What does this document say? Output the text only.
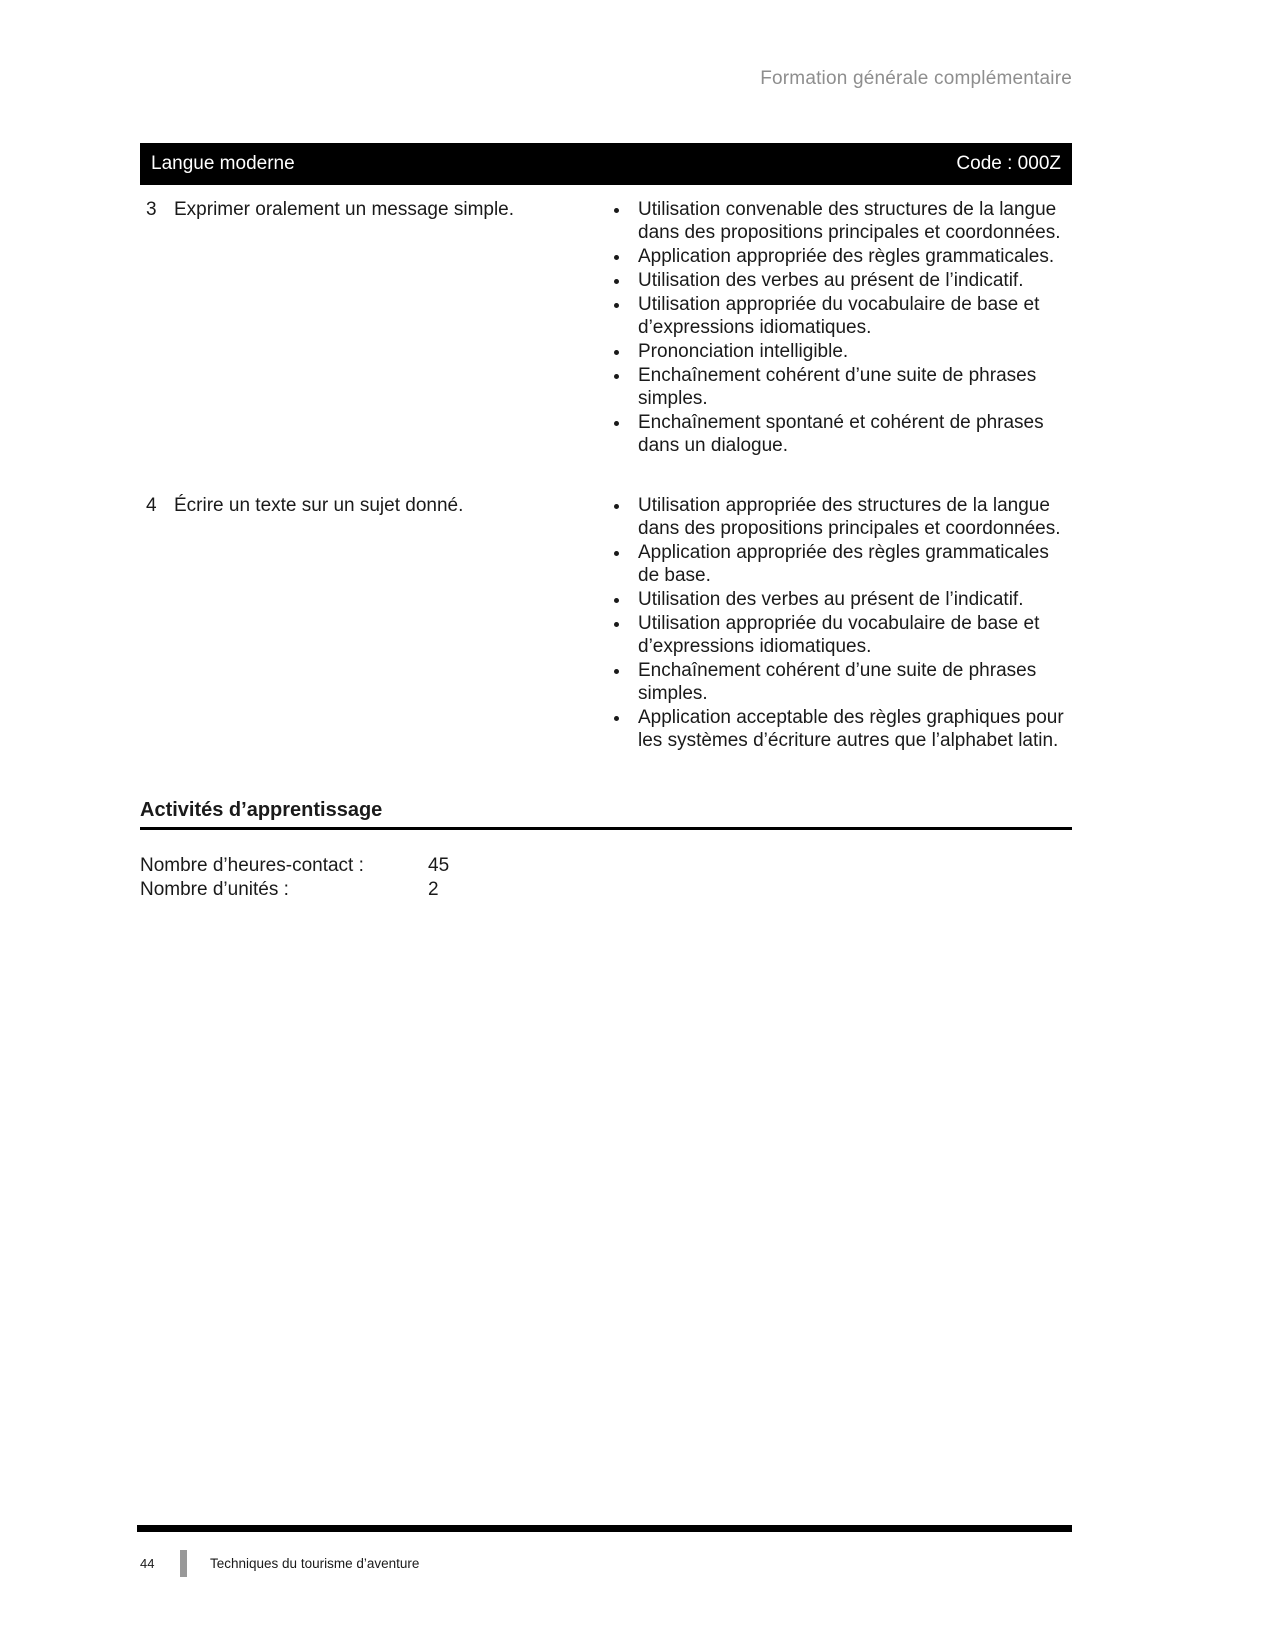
Formation générale complémentaire
Langue moderne	Code : 000Z
3 Exprimer oralement un message simple.	• Utilisation convenable des structures de la langue dans des propositions principales et coordonnées.
• Application appropriée des règles grammaticales.
• Utilisation des verbes au présent de l’indicatif.
• Utilisation appropriée du vocabulaire de base et d’expressions idiomatiques.
• Prononciation intelligible.
• Enchaînement cohérent d’une suite de phrases simples.
• Enchaînement spontané et cohérent de phrases dans un dialogue.
4 Écrire un texte sur un sujet donné.	• Utilisation appropriée des structures de la langue dans des propositions principales et coordonnées.
• Application appropriée des règles grammaticales de base.
• Utilisation des verbes au présent de l’indicatif.
• Utilisation appropriée du vocabulaire de base et d’expressions idiomatiques.
• Enchaînement cohérent d’une suite de phrases simples.
• Application acceptable des règles graphiques pour les systèmes d’écriture autres que l’alphabet latin.
Activités d’apprentissage
Nombre d’heures-contact :	45
Nombre d’unités :	2
44	Techniques du tourisme d’aventure
